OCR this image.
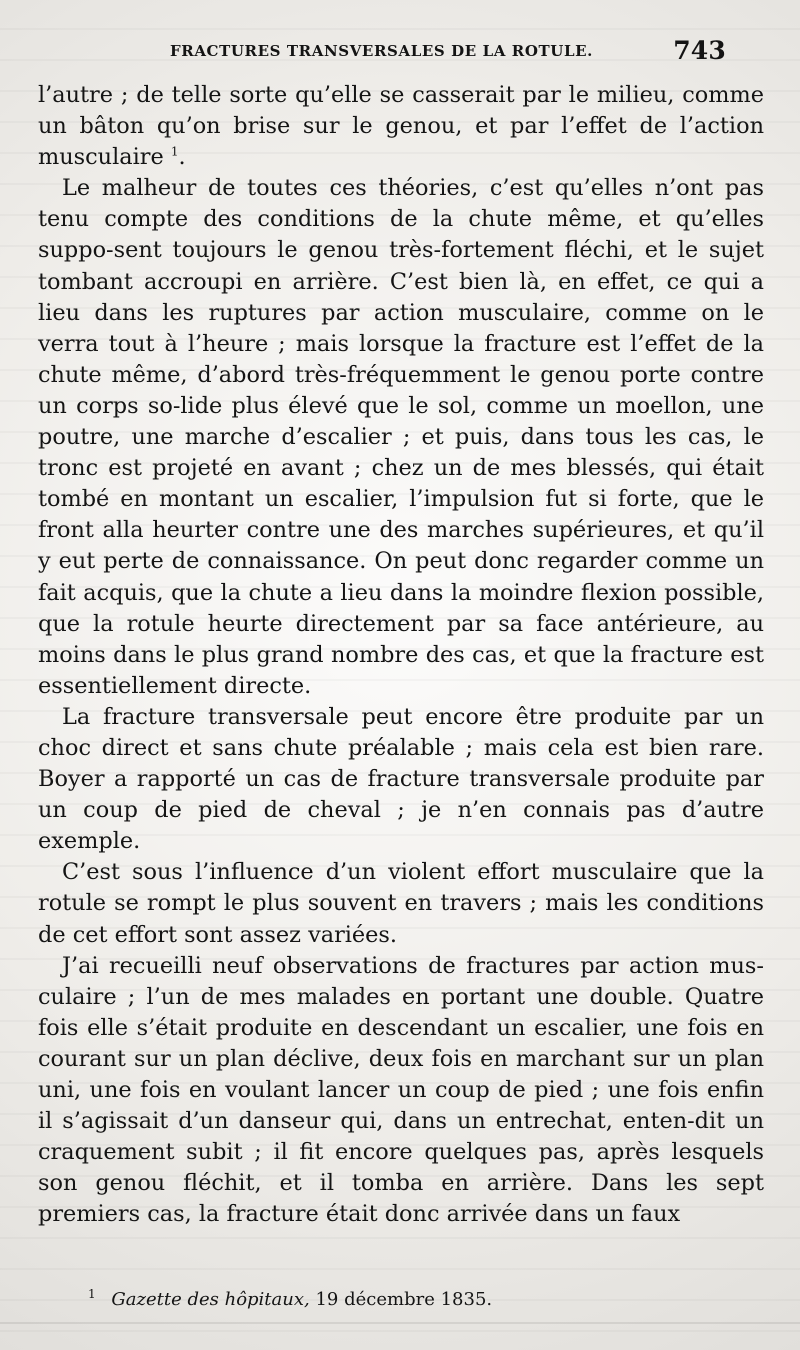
FRACTURES TRANSVERSALES DE LA ROTULE.	743

l’autre ; de telle sorte qu’elle se casserait par le milieu, comme un bâton qu’on brise sur le genou, et par l’effet de l’action musculaire $^1$.

Le malheur de toutes ces théories, c’est qu’elles n’ont pas tenu compte des conditions de la chute même, et qu’elles suppo-sent toujours le genou très-fortement fléchi, et le sujet tombant accroupi en arrière. C’est bien là, en effet, ce qui a lieu dans les ruptures par action musculaire, comme on le verra tout à l’heure ; mais lorsque la fracture est l’effet de la chute même, d’abord très-fréquemment le genou porte contre un corps so-lide plus élevé que le sol, comme un moellon, une poutre, une marche d’escalier ; et puis, dans tous les cas, le tronc est projeté en avant ; chez un de mes blessés, qui était tombé en montant un escalier, l’impulsion fut si forte, que le front alla heurter contre une des marches supérieures, et qu’il y eut perte de connaissance. On peut donc regarder comme un fait acquis, que la chute a lieu dans la moindre flexion possible, que la rotule heurte directement par sa face antérieure, au moins dans le plus grand nombre des cas, et que la fracture est essentiellement directe.

La fracture transversale peut encore être produite par un choc direct et sans chute préalable ; mais cela est bien rare. Boyer a rapporté un cas de fracture transversale produite par un coup de pied de cheval ; je n’en connais pas d’autre exemple.

C’est sous l’influence d’un violent effort musculaire que la rotule se rompt le plus souvent en travers ; mais les conditions de cet effort sont assez variées.

J’ai recueilli neuf observations de fractures par action mus-culaire ; l’un de mes malades en portant une double. Quatre fois elle s’était produite en descendant un escalier, une fois en courant sur un plan déclive, deux fois en marchant sur un plan uni, une fois en voulant lancer un coup de pied ; une fois enfin il s’agissait d’un danseur qui, dans un entrechat, enten-dit un craquement subit ; il fit encore quelques pas, après lesquels son genou fléchit, et il tomba en arrière. Dans les sept premiers cas, la fracture était donc arrivée dans un faux

$^1$ Gazette des hôpitaux, 19 décembre 1835.
